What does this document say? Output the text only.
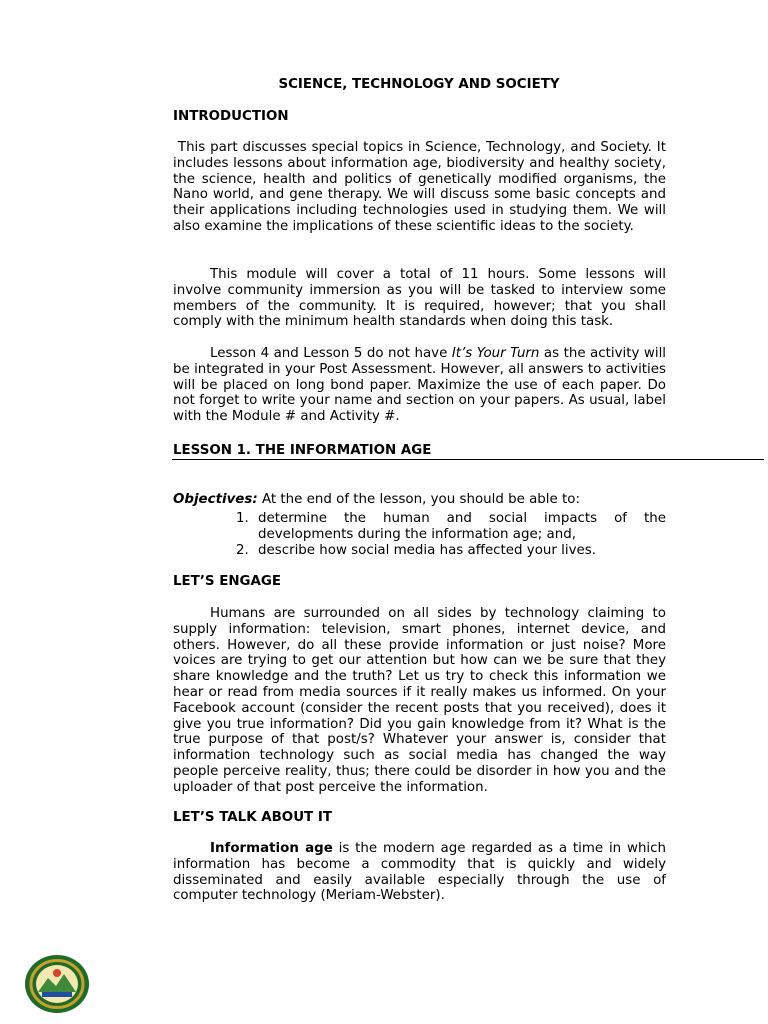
SCIENCE, TECHNOLOGY AND SOCIETY
INTRODUCTION
This part discusses special topics in Science, Technology, and Society. It includes lessons about information age, biodiversity and healthy society, the science, health and politics of genetically modified organisms, the Nano world, and gene therapy. We will discuss some basic concepts and their applications including technologies used in studying them. We will also examine the implications of these scientific ideas to the society.
This module will cover a total of 11 hours. Some lessons will involve community immersion as you will be tasked to interview some members of the community. It is required, however; that you shall comply with the minimum health standards when doing this task.
Lesson 4 and Lesson 5 do not have It’s Your Turn as the activity will be integrated in your Post Assessment. However, all answers to activities will be placed on long bond paper. Maximize the use of each paper. Do not forget to write your name and section on your papers. As usual, label with the Module # and Activity #.
LESSON 1. THE INFORMATION AGE
Objectives: At the end of the lesson, you should be able to:
1. determine the human and social impacts of the developments during the information age; and,
2. describe how social media has affected your lives.
LET’S ENGAGE
Humans are surrounded on all sides by technology claiming to supply information: television, smart phones, internet device, and others. However, do all these provide information or just noise? More voices are trying to get our attention but how can we be sure that they share knowledge and the truth? Let us try to check this information we hear or read from media sources if it really makes us informed. On your Facebook account (consider the recent posts that you received), does it give you true information? Did you gain knowledge from it? What is the true purpose of that post/s? Whatever your answer is, consider that information technology such as social media has changed the way people perceive reality, thus; there could be disorder in how you and the uploader of that post perceive the information.
LET’S TALK ABOUT IT
Information age is the modern age regarded as a time in which information has become a commodity that is quickly and widely disseminated and easily available especially through the use of computer technology (Meriam-Webster).
